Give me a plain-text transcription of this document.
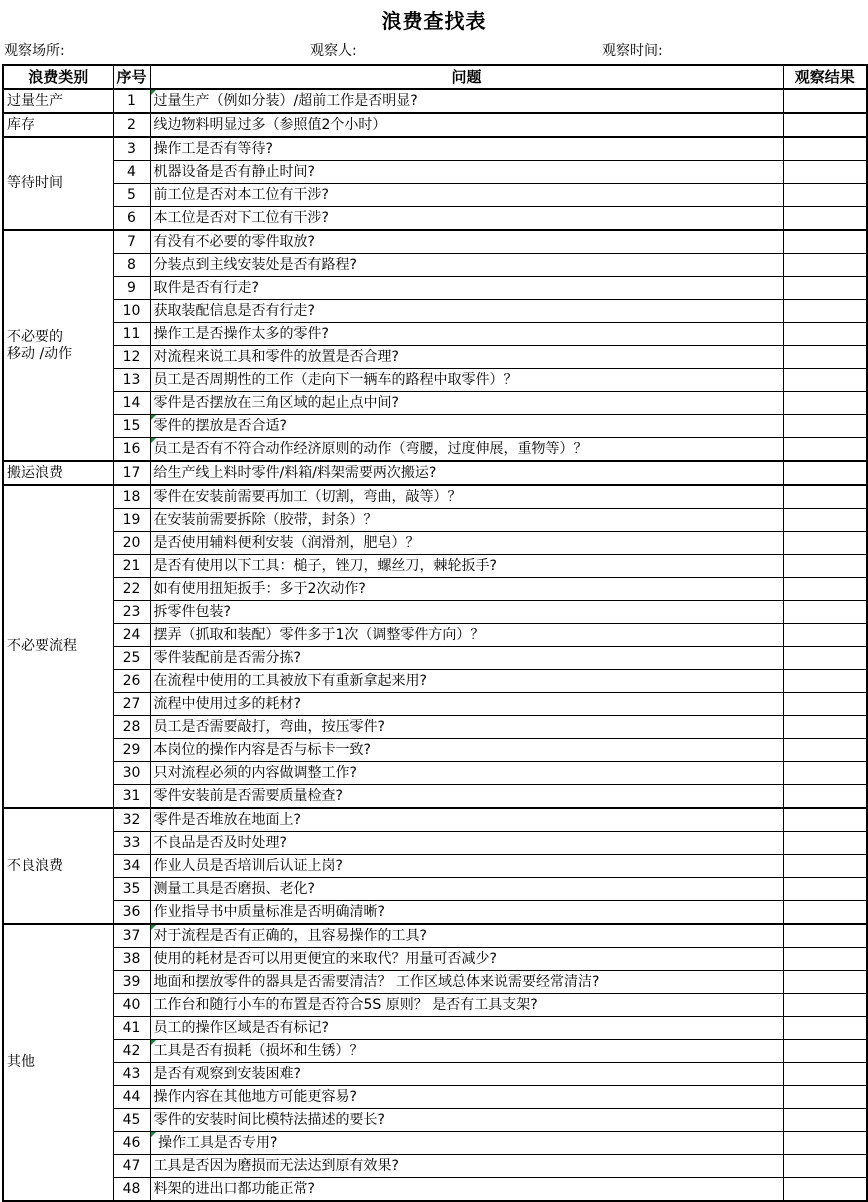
浪费查找表
观察场所:	观察人:	观察时间:
浪费类别	序号	问题	观察结果

过量生产	1	过量生产（例如分装）/超前工作是否明显?	

库存	2	线边物料明显过多（参照值2个小时）	

等待时间	3	操作工是否有等待?	
	4	机器设备是否有静止时间?	
	5	前工位是否对本工位有干涉?	
	6	本工位是否对下工位有干涉?	

不必要的
移动 /动作	7	有没有不必要的零件取放?	
	8	分装点到主线安装处是否有路程?	
	9	取件是否有行走?	
	10	获取装配信息是否有行走?	
	11	操作工是否操作太多的零件?	
	12	对流程来说工具和零件的放置是否合理?	
	13	员工是否周期性的工作（走向下一辆车的路程中取零件）？	
	14	零件是否摆放在三角区域的起止点中间?	
	15	零件的摆放是否合适?	
	16	员工是否有不符合动作经济原则的动作（弯腰，过度伸展，重物等）？	

搬运浪费	17	给生产线上料时零件/料箱/料架需要两次搬运?	

不必要流程	18	零件在安装前需要再加工（切割，弯曲，敲等）？	
	19	在安装前需要拆除（胶带，封条）？	
	20	是否使用辅料便利安装（润滑剂，肥皂）？	
	21	是否有使用以下工具：槌子，锉刀，螺丝刀，棘轮扳手?	
	22	如有使用扭矩扳手：多于2次动作?	
	23	拆零件包装?	
	24	摆弄（抓取和装配）零件多于1次（调整零件方向）？	
	25	零件装配前是否需分拣?	
	26	在流程中使用的工具被放下有重新拿起来用?	
	27	流程中使用过多的耗材?	
	28	员工是否需要敲打，弯曲，按压零件?	
	29	本岗位的操作内容是否与标卡一致?	
	30	只对流程必须的内容做调整工作?	
	31	零件安装前是否需要质量检查?	

不良浪费	32	零件是否堆放在地面上?	
	33	不良品是否及时处理?	
	34	作业人员是否培训后认证上岗?	
	35	测量工具是否磨损、老化?	
	36	作业指导书中质量标准是否明确清晰?	

其他	37	对于流程是否有正确的，且容易操作的工具?	
	38	使用的耗材是否可以用更便宜的来取代？用量可否减少?	
	39	地面和摆放零件的器具是否需要清洁？ 工作区域总体来说需要经常清洁?	
	40	工作台和随行小车的布置是否符合5S 原则？ 是否有工具支架?	
	41	员工的操作区域是否有标记?	
	42	工具是否有损耗（损坏和生锈）？	
	43	是否有观察到安装困难?	
	44	操作内容在其他地方可能更容易?	
	45	零件的安装时间比模特法描述的要长?	
	46	操作工具是否专用?	
	47	工具是否因为磨损而无法达到原有效果?	
	48	料架的进出口都功能正常?	
